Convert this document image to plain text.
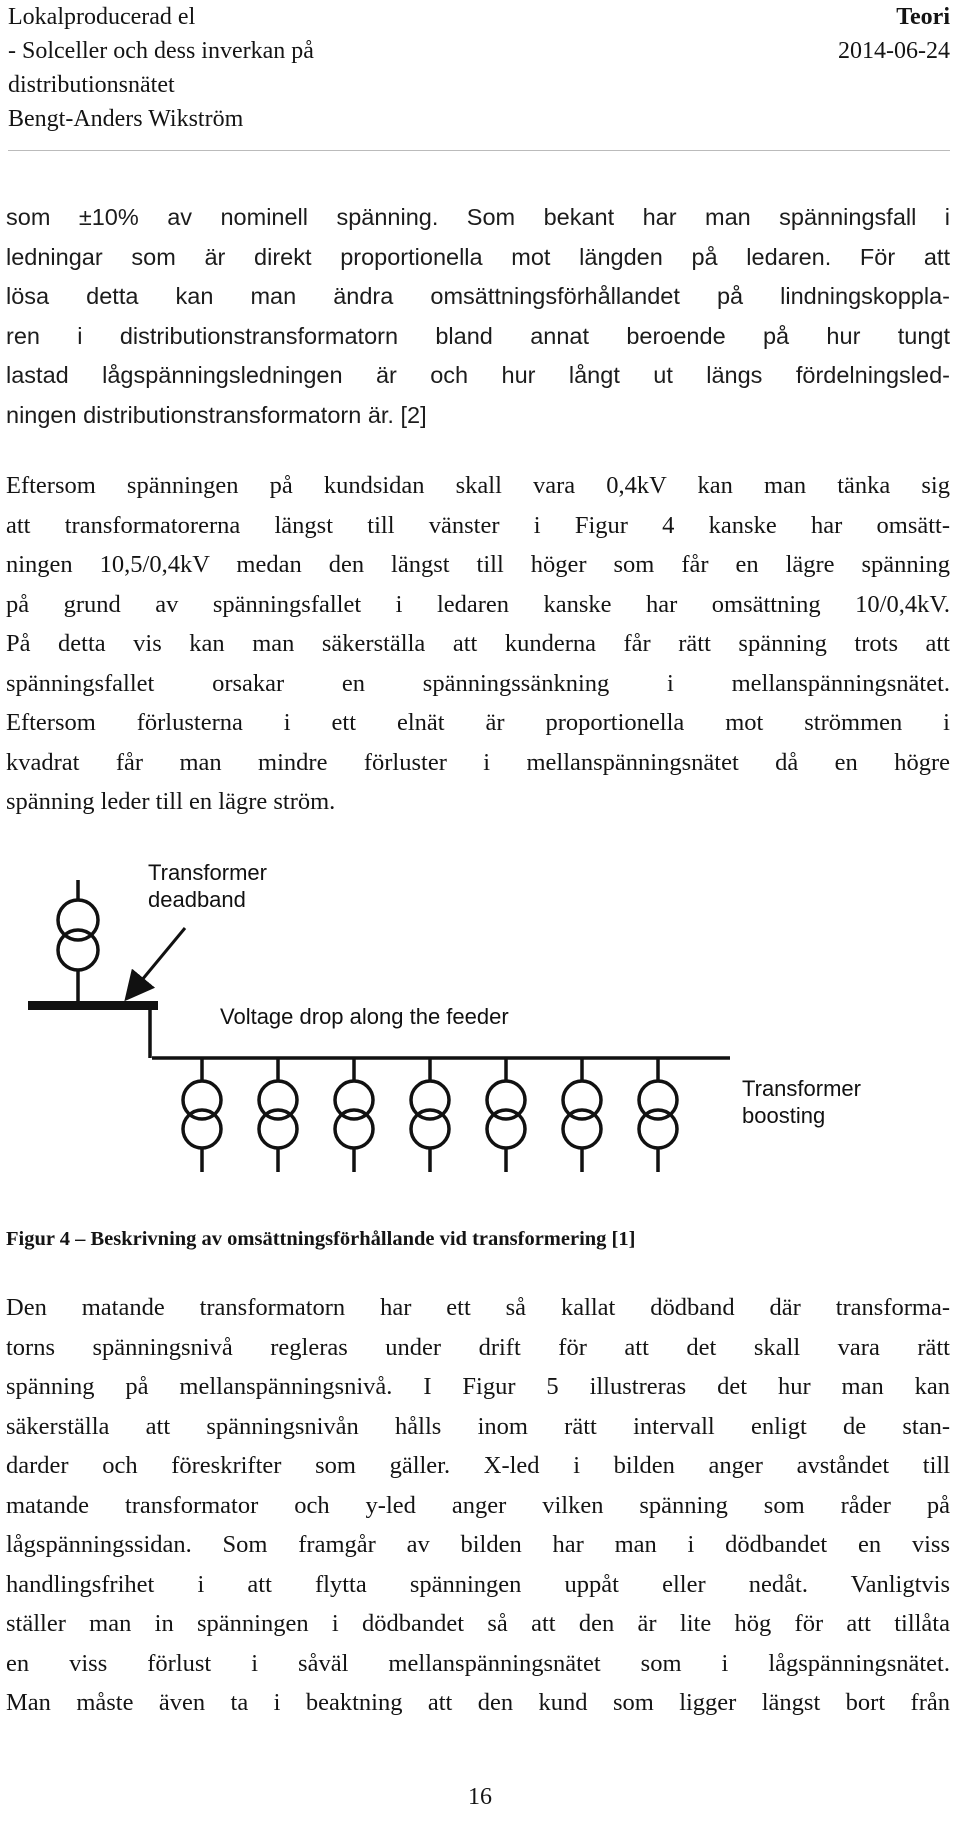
Lokalproducerad el
- Solceller och dess inverkan på
distributionsnätet
Bengt-Anders Wikström
Teori
2014-06-24
som ±10% av nominell spänning. Som bekant har man spänningsfall i
ledningar som är direkt proportionella mot längden på ledaren. För att
lösa detta kan man ändra omsättningsförhållandet på lindningskoppla-
ren i distributionstransformatorn bland annat beroende på hur tungt
lastad lågspänningsledningen är och hur långt ut längs fördelningsled-
ningen distributionstransformatorn är. [2]
Eftersom spänningen på kundsidan skall vara 0,4kV kan man tänka sig
att transformatorerna längst till vänster i Figur 4 kanske har omsätt-
ningen 10,5/0,4kV medan den längst till höger som får en lägre spänning
på grund av spänningsfallet i ledaren kanske har omsättning 10/0,4kV.
På detta vis kan man säkerställa att kunderna får rätt spänning trots att
spänningsfallet orsakar en spänningssänkning i mellanspänningsnätet.
Eftersom förlusterna i ett elnät är proportionella mot strömmen i
kvadrat får man mindre förluster i mellanspänningsnätet då en högre
spänning leder till en lägre ström.
Transformer
deadband
Voltage drop along the feeder
Transformer
boosting
Figur 4 – Beskrivning av omsättningsförhållande vid transformering [1]
Den matande transformatorn har ett så kallat dödband där transforma-
torns spänningsnivå regleras under drift för att det skall vara rätt
spänning på mellanspänningsnivå. I Figur 5 illustreras det hur man kan
säkerställa att spänningsnivån hålls inom rätt intervall enligt de stan-
darder och föreskrifter som gäller. X-led i bilden anger avståndet till
matande transformator och y-led anger vilken spänning som råder på
lågspänningssidan. Som framgår av bilden har man i dödbandet en viss
handlingsfrihet i att flytta spänningen uppåt eller nedåt. Vanligtvis
ställer man in spänningen i dödbandet så att den är lite hög för att tillåta
en viss förlust i såväl mellanspänningsnätet som i lågspänningsnätet.
Man måste även ta i beaktning att den kund som ligger längst bort från
16
